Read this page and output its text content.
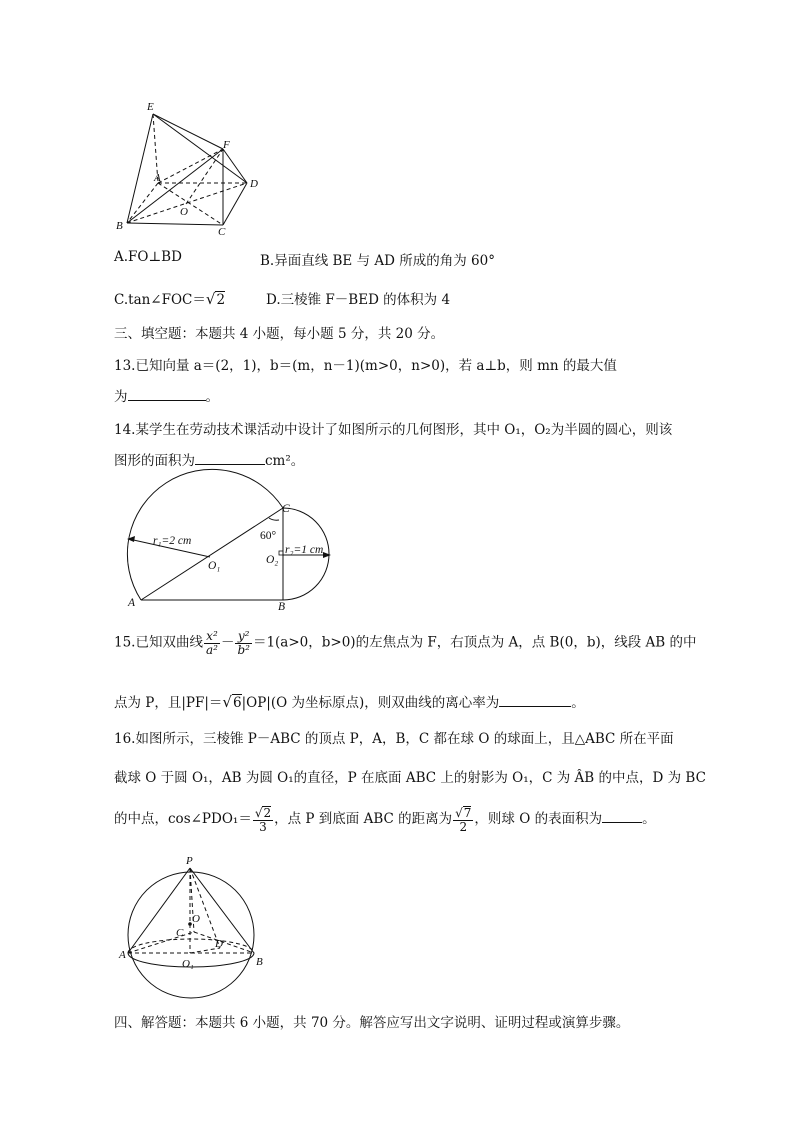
E
F
A	D
O
B	C
A.FO⊥BD	B.异面直线 BE 与 AD 所成的角为 60°
C.tan∠FOC＝√2	D.三棱锥 F－BED 的体积为 4
三、填空题：本题共 4 小题，每小题 5 分，共 20 分。
13.已知向量 a＝(2，1)，b＝(m，n－1)(m>0，n>0)，若 a⊥b，则 mn 的最大值
为	。
14.某学生在劳动技术课活动中设计了如图所示的几何图形，其中 O₁，O₂为半圆的圆心，则该
图形的面积为	cm²。
r₁=2 cm
r₂=1 cm
60°
A	B
C
O₁	O₂
15.已知双曲线 $\frac{\text{x²}}{\text{a²}} - \frac{\text{y²}}{\text{b²}} =1(a>0$，b>0)的左焦点为 F，右顶点为 A，点 B(0，b)，线段 AB 的中
点为 P，且|PF|＝√6|OP|(O 为坐标原点)，则双曲线的离心率为	。
16.如图所示，三棱锥 P－ABC 的顶点 P，A，B，C 都在球 O 的球面上，且△ABC 所在平面
截球 O 于圆 O₁，AB 为圆 O₁的直径，P 在底面 ABC 上的射影为 O₁，C 为 ÂB 的中点，D 为 BC
的中点，cos∠PDO₁＝ $\frac{√2}{3}$ ，点 P 到底面 ABC 的距离为 $\frac{√7}{2}$ ，则球 O 的表面积为	。
P
O
C
D
A
O₁	B
四、解答题：本题共 6 小题，共 70 分。解答应写出文字说明、证明过程或演算步骤。
